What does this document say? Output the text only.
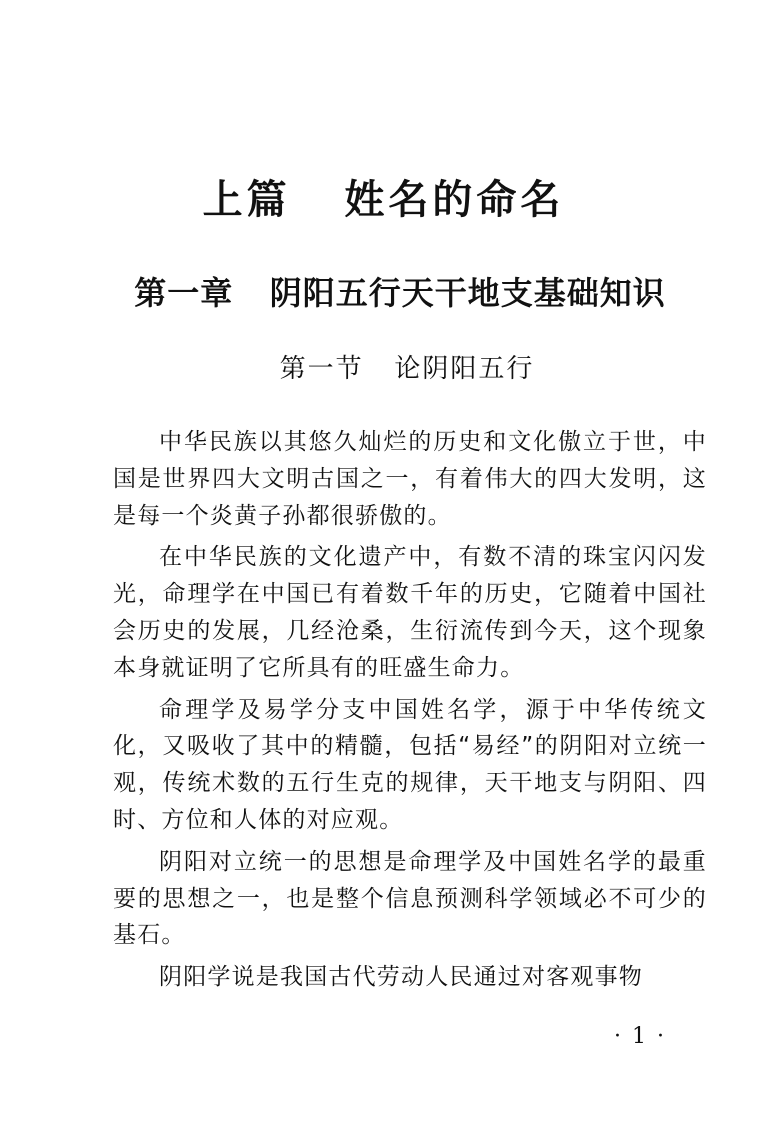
上篇   姓名的命名
第一章   阴阳五行天干地支基础知识
第一节   论阴阳五行

中华民族以其悠久灿烂的历史和文化傲立于世，中国是世界四大文明古国之一，有着伟大的四大发明，这是每一个炎黄子孙都很骄傲的。

在中华民族的文化遗产中，有数不清的珠宝闪闪发光，命理学在中国已有着数千年的历史，它随着中国社会历史的发展，几经沧桑，生衍流传到今天，这个现象本身就证明了它所具有的旺盛生命力。

命理学及易学分支中国姓名学，源于中华传统文化，又吸收了其中的精髓，包括“易经”的阴阳对立统一观，传统术数的五行生克的规律，天干地支与阴阳、四时、方位和人体的对应观。

阴阳对立统一的思想是命理学及中国姓名学的最重要的思想之一，也是整个信息预测科学领域必不可少的基石。

阴阳学说是我国古代劳动人民通过对客观事物

· 1 ·
